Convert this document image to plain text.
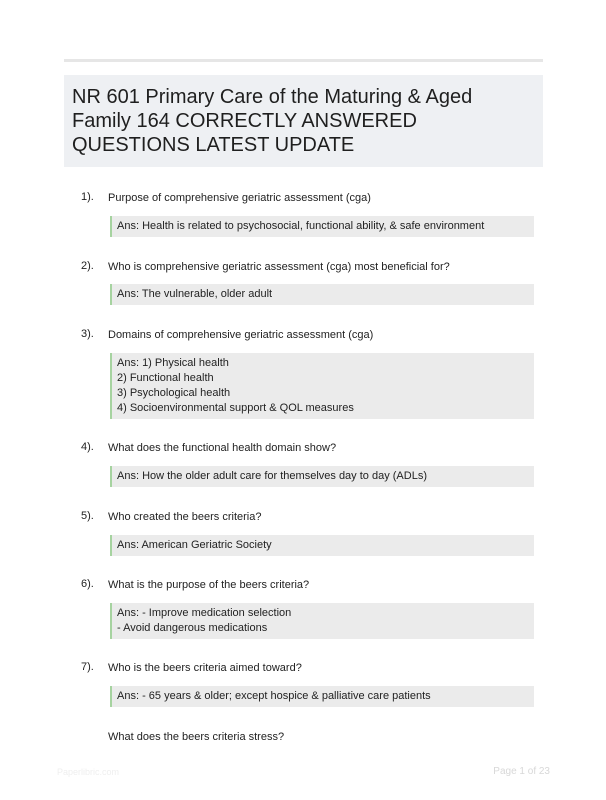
NR 601 Primary Care of the Maturing & Aged Family 164 CORRECTLY ANSWERED QUESTIONS LATEST UPDATE
1). Purpose of comprehensive geriatric assessment (cga)
Ans: Health is related to psychosocial, functional ability, & safe environment
2). Who is comprehensive geriatric assessment (cga) most beneficial for?
Ans: The vulnerable, older adult
3). Domains of comprehensive geriatric assessment (cga)
Ans: 1) Physical health
2) Functional health
3) Psychological health
4) Socioenvironmental support & QOL measures
4). What does the functional health domain show?
Ans: How the older adult care for themselves day to day (ADLs)
5). Who created the beers criteria?
Ans: American Geriatric Society
6). What is the purpose of the beers criteria?
Ans: - Improve medication selection
- Avoid dangerous medications
7). Who is the beers criteria aimed toward?
Ans: - 65 years & older; except hospice & palliative care patients
What does the beers criteria stress?
Paperlibric.com	Page 1 of 23
